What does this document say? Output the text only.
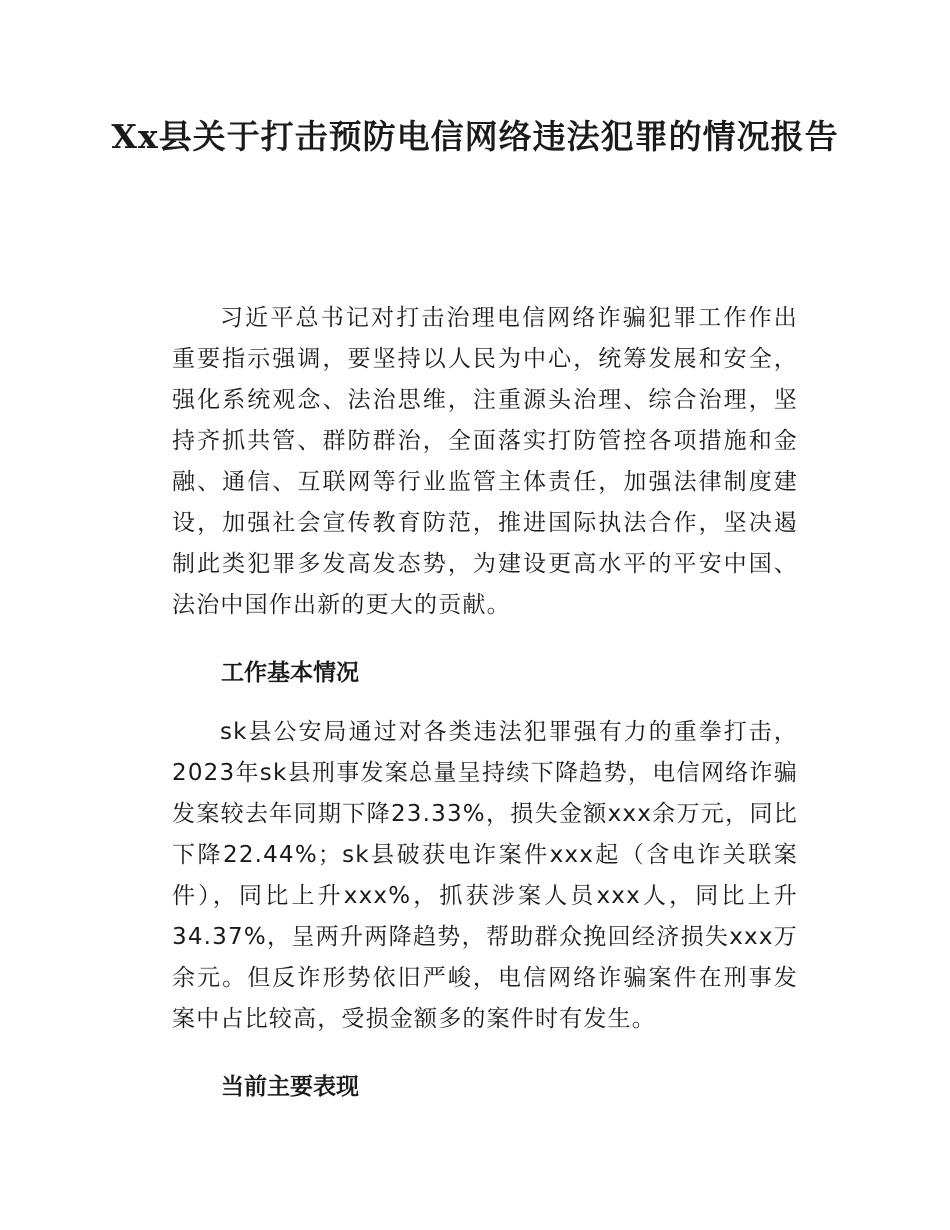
Xx县关于打击预防电信网络违法犯罪的情况报告

习近平总书记对打击治理电信网络诈骗犯罪工作作出重要指示强调，要坚持以人民为中心，统筹发展和安全，强化系统观念、法治思维，注重源头治理、综合治理，坚持齐抓共管、群防群治，全面落实打防管控各项措施和金融、通信、互联网等行业监管主体责任，加强法律制度建设，加强社会宣传教育防范，推进国际执法合作，坚决遏制此类犯罪多发高发态势，为建设更高水平的平安中国、法治中国作出新的更大的贡献。

工作基本情况

sk县公安局通过对各类违法犯罪强有力的重拳打击，2023年sk县刑事发案总量呈持续下降趋势，电信网络诈骗发案较去年同期下降23.33%，损失金额xxx余万元，同比下降22.44%；sk县破获电诈案件xxx起（含电诈关联案件），同比上升xxx%，抓获涉案人员xxx人，同比上升34.37%，呈两升两降趋势，帮助群众挽回经济损失xxx万余元。但反诈形势依旧严峻，电信网络诈骗案件在刑事发案中占比较高，受损金额多的案件时有发生。

当前主要表现
